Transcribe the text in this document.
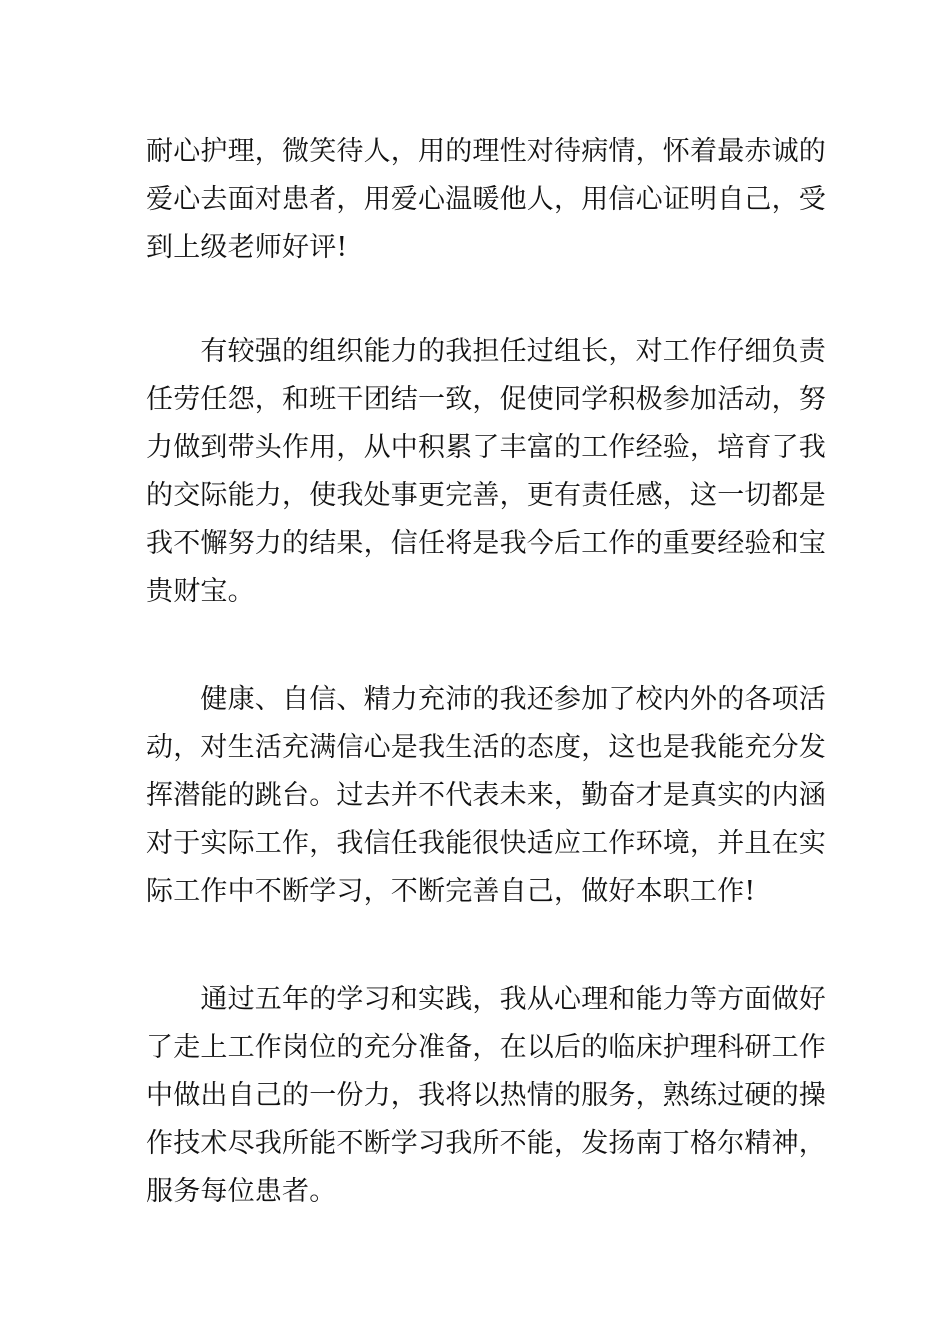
耐心护理，微笑待人，用的理性对待病情，怀着最赤诚的
爱心去面对患者，用爱心温暖他人，用信心证明自己，受
到上级老师好评!
　　有较强的组织能力的我担任过组长，对工作仔细负责
任劳任怨，和班干团结一致，促使同学积极参加活动，努
力做到带头作用，从中积累了丰富的工作经验，培育了我
的交际能力，使我处事更完善，更有责任感，这一切都是
我不懈努力的结果，信任将是我今后工作的重要经验和宝
贵财宝。
　　健康、自信、精力充沛的我还参加了校内外的各项活
动，对生活充满信心是我生活的态度，这也是我能充分发
挥潜能的跳台。过去并不代表未来，勤奋才是真实的内涵
对于实际工作，我信任我能很快适应工作环境，并且在实
际工作中不断学习，不断完善自己，做好本职工作!
　　通过五年的学习和实践，我从心理和能力等方面做好
了走上工作岗位的充分准备，在以后的临床护理科研工作
中做出自己的一份力，我将以热情的服务，熟练过硬的操
作技术尽我所能不断学习我所不能，发扬南丁格尔精神，
服务每位患者。
